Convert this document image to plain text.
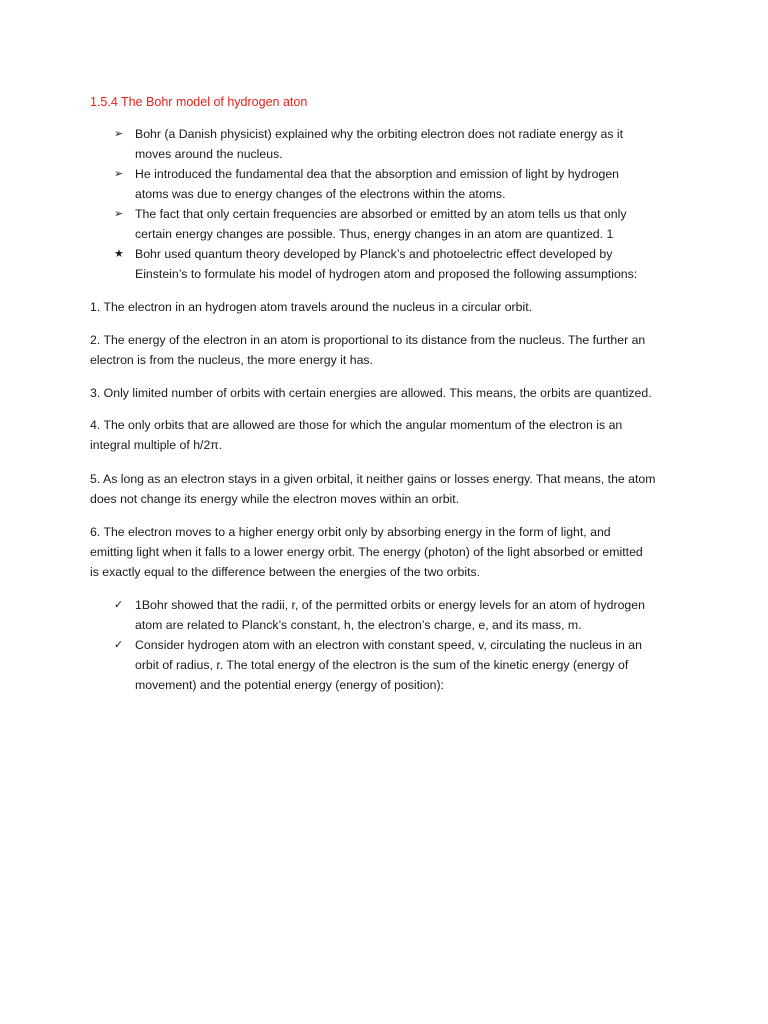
1.5.4 The Bohr model of hydrogen aton
➢ Bohr (a Danish physicist) explained why the orbiting electron does not radiate energy as it
moves around the nucleus.
➢ He introduced the fundamental dea that the absorption and emission of light by hydrogen
atoms was due to energy changes of the electrons within the atoms.
➢ The fact that only certain frequencies are absorbed or emitted by an atom tells us that only
certain energy changes are possible. Thus, energy changes in an atom are quantized. 1
★ Bohr used quantum theory developed by Planck’s and photoelectric effect developed by
Einstein’s to formulate his model of hydrogen atom and proposed the following assumptions:
1. The electron in an hydrogen atom travels around the nucleus in a circular orbit.
2. The energy of the electron in an atom is proportional to its distance from the nucleus. The further an
electron is from the nucleus, the more energy it has.
3. Only limited number of orbits with certain energies are allowed. This means, the orbits are quantized.
4. The only orbits that are allowed are those for which the angular momentum of the electron is an
integral multiple of h/2π.
5. As long as an electron stays in a given orbital, it neither gains or losses energy. That means, the atom
does not change its energy while the electron moves within an orbit.
6. The electron moves to a higher energy orbit only by absorbing energy in the form of light, and
emitting light when it falls to a lower energy orbit. The energy (photon) of the light absorbed or emitted
is exactly equal to the difference between the energies of the two orbits.
✓ 1Bohr showed that the radii, r, of the permitted orbits or energy levels for an atom of hydrogen
atom are related to Planck’s constant, h, the electron’s charge, e, and its mass, m.
✓ Consider hydrogen atom with an electron with constant speed, v, circulating the nucleus in an
orbit of radius, r. The total energy of the electron is the sum of the kinetic energy (energy of
movement) and the potential energy (energy of position):
